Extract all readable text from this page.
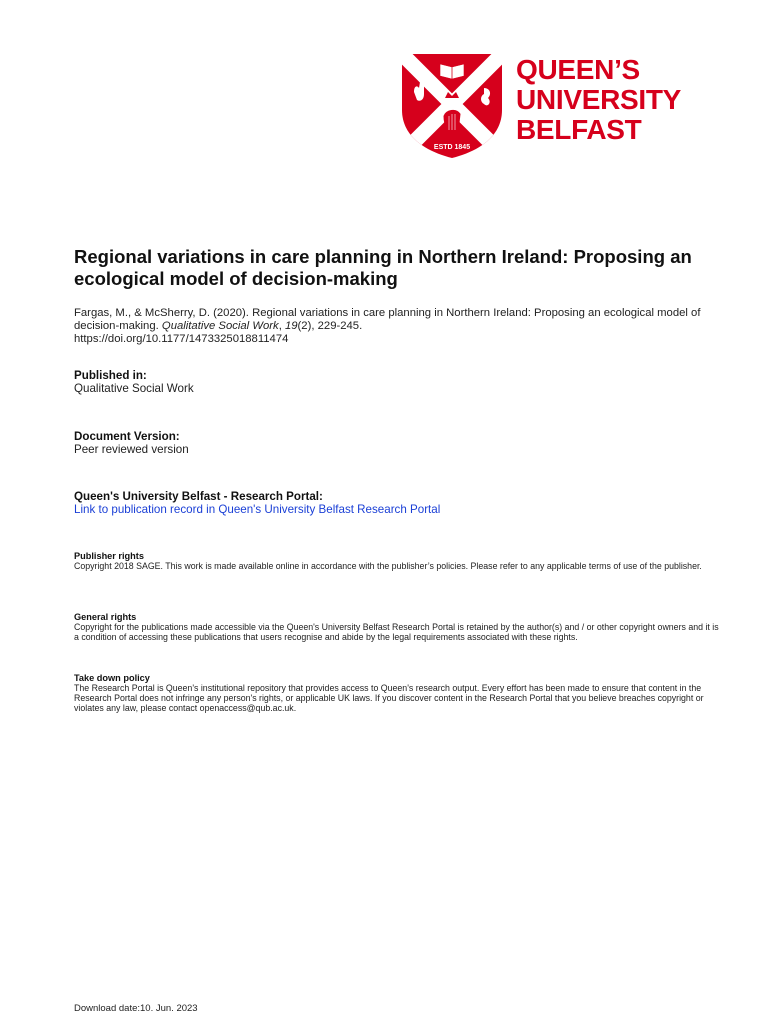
ESTD 1845
QUEEN’S
UNIVERSITY
BELFAST
Regional variations in care planning in Northern Ireland: Proposing an ecological model of decision-making

Fargas, M., & McSherry, D. (2020). Regional variations in care planning in Northern Ireland: Proposing an ecological model of decision-making. Qualitative Social Work, 19(2), 229-245.
https://doi.org/10.1177/1473325018811474

Published in:

Qualitative Social Work

Document Version:

Peer reviewed version

Queen's University Belfast - Research Portal:

Link to publication record in Queen's University Belfast Research Portal

Publisher rights

Copyright 2018 SAGE. This work is made available online in accordance with the publisher’s policies. Please refer to any applicable terms of use of the publisher.

General rights

Copyright for the publications made accessible via the Queen's University Belfast Research Portal is retained by the author(s) and / or other copyright owners and it is a condition of accessing these publications that users recognise and abide by the legal requirements associated with these rights.

Take down policy

The Research Portal is Queen's institutional repository that provides access to Queen's research output. Every effort has been made to ensure that content in the Research Portal does not infringe any person's rights, or applicable UK laws. If you discover content in the Research Portal that you believe breaches copyright or violates any law, please contact openaccess@qub.ac.uk.

Download date:10. Jun. 2023
